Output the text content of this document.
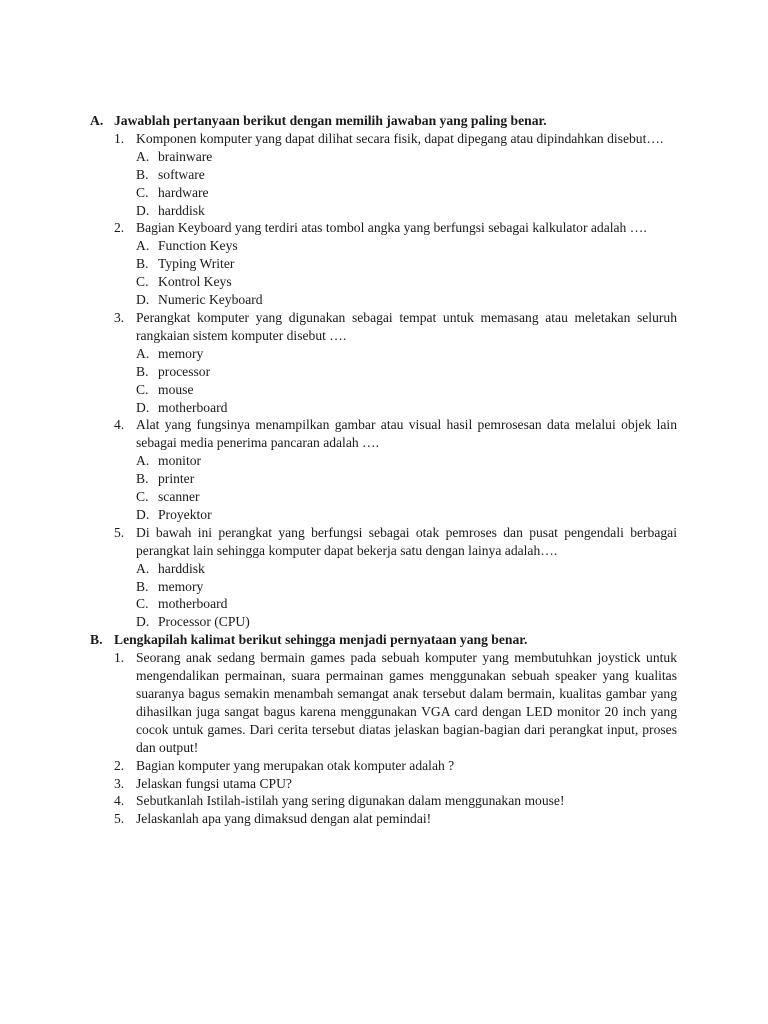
A. Jawablah pertanyaan berikut dengan memilih jawaban yang paling benar.
1. Komponen komputer yang dapat dilihat secara fisik, dapat dipegang atau dipindahkan disebut….
A. brainware
B. software
C. hardware
D. harddisk
2. Bagian Keyboard yang terdiri atas tombol angka yang berfungsi sebagai kalkulator adalah ….
A. Function Keys
B. Typing Writer
C. Kontrol Keys
D. Numeric Keyboard
3. Perangkat komputer yang digunakan sebagai tempat untuk memasang atau meletakan seluruh rangkaian sistem komputer disebut ….
A. memory
B. processor
C. mouse
D. motherboard
4. Alat yang fungsinya menampilkan gambar atau visual hasil pemrosesan data melalui objek lain sebagai media penerima pancaran adalah ….
A. monitor
B. printer
C. scanner
D. Proyektor
5. Di bawah ini perangkat yang berfungsi sebagai otak pemroses dan pusat pengendali berbagai perangkat lain sehingga komputer dapat bekerja satu dengan lainya adalah….
A. harddisk
B. memory
C. motherboard
D. Processor (CPU)
B. Lengkapilah kalimat berikut sehingga menjadi pernyataan yang benar.
1. Seorang anak sedang bermain games pada sebuah komputer yang membutuhkan joystick untuk mengendalikan permainan, suara permainan games menggunakan sebuah speaker yang kualitas suaranya bagus semakin menambah semangat anak tersebut dalam bermain, kualitas gambar yang dihasilkan juga sangat bagus karena menggunakan VGA card dengan LED monitor 20 inch yang cocok untuk games. Dari cerita tersebut diatas jelaskan bagian-bagian dari perangkat input, proses dan output!
2. Bagian komputer yang merupakan otak komputer adalah ?
3. Jelaskan fungsi utama CPU?
4. Sebutkanlah Istilah-istilah yang sering digunakan dalam menggunakan mouse!
5. Jelaskanlah apa yang dimaksud dengan alat pemindai!
